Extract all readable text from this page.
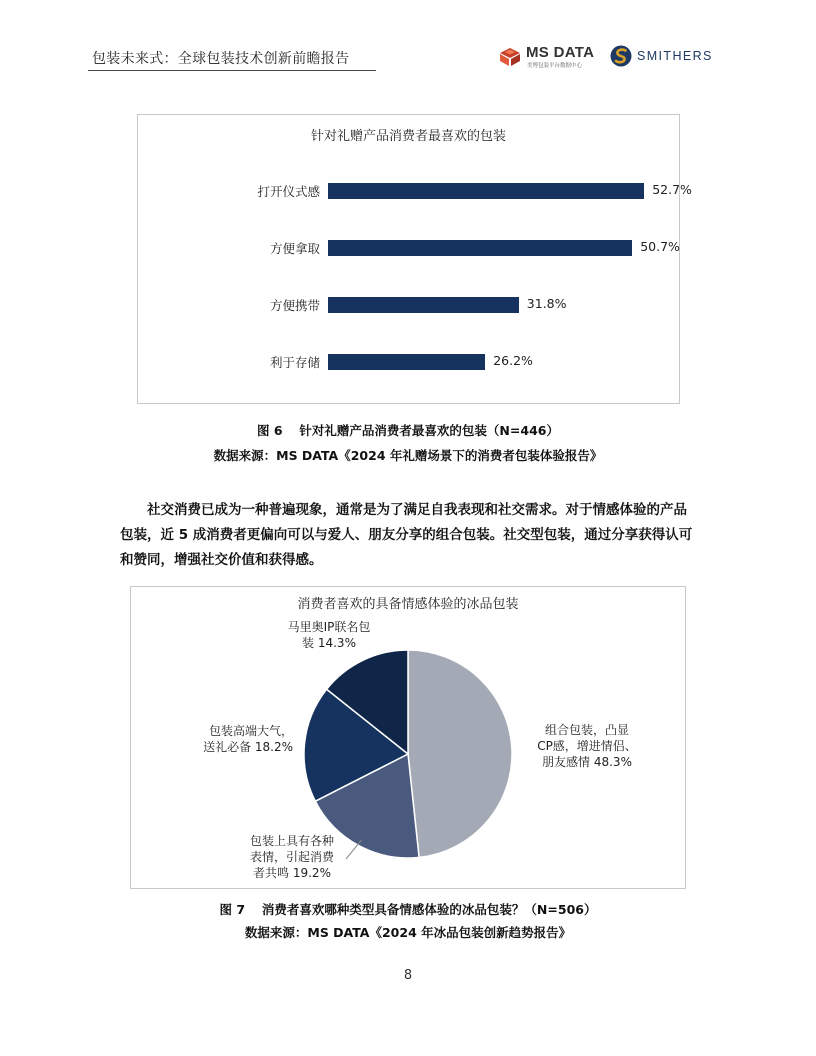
包装未来式：全球包装技术创新前瞻报告	MS DATA
美博包装平台数据中心
SMITHERS
针对礼赠产品消费者最喜欢的包装
打开仪式感	52.7%
方便拿取	50.7%
方便携带	31.8%
利于存储	26.2%
图 6　 针对礼赠产品消费者最喜欢的包装（N=446）
数据来源：MS DATA《2024 年礼赠场景下的消费者包装体验报告》

社交消费已成为一种普遍现象，通常是为了满足自我表现和社交需求。对于情感体验的产品包装，近 5 成消费者更偏向可以与爱人、朋友分享的组合包装。社交型包装，通过分享获得认可和赞同，增强社交价值和获得感。

消费者喜欢的具备情感体验的冰品包装
组合包装，凸显
CP感，增进情侣、
朋友感情 48.3%
包装上具有各种
表情，引起消费
者共鸣 19.2%
包装高端大气，
送礼必备 18.2%
马里奥IP联名包
装 14.3%
图 7　 消费者喜欢哪种类型具备情感体验的冰品包装？（N=506）
数据来源：MS DATA《2024 年冰品包装创新趋势报告》
8
